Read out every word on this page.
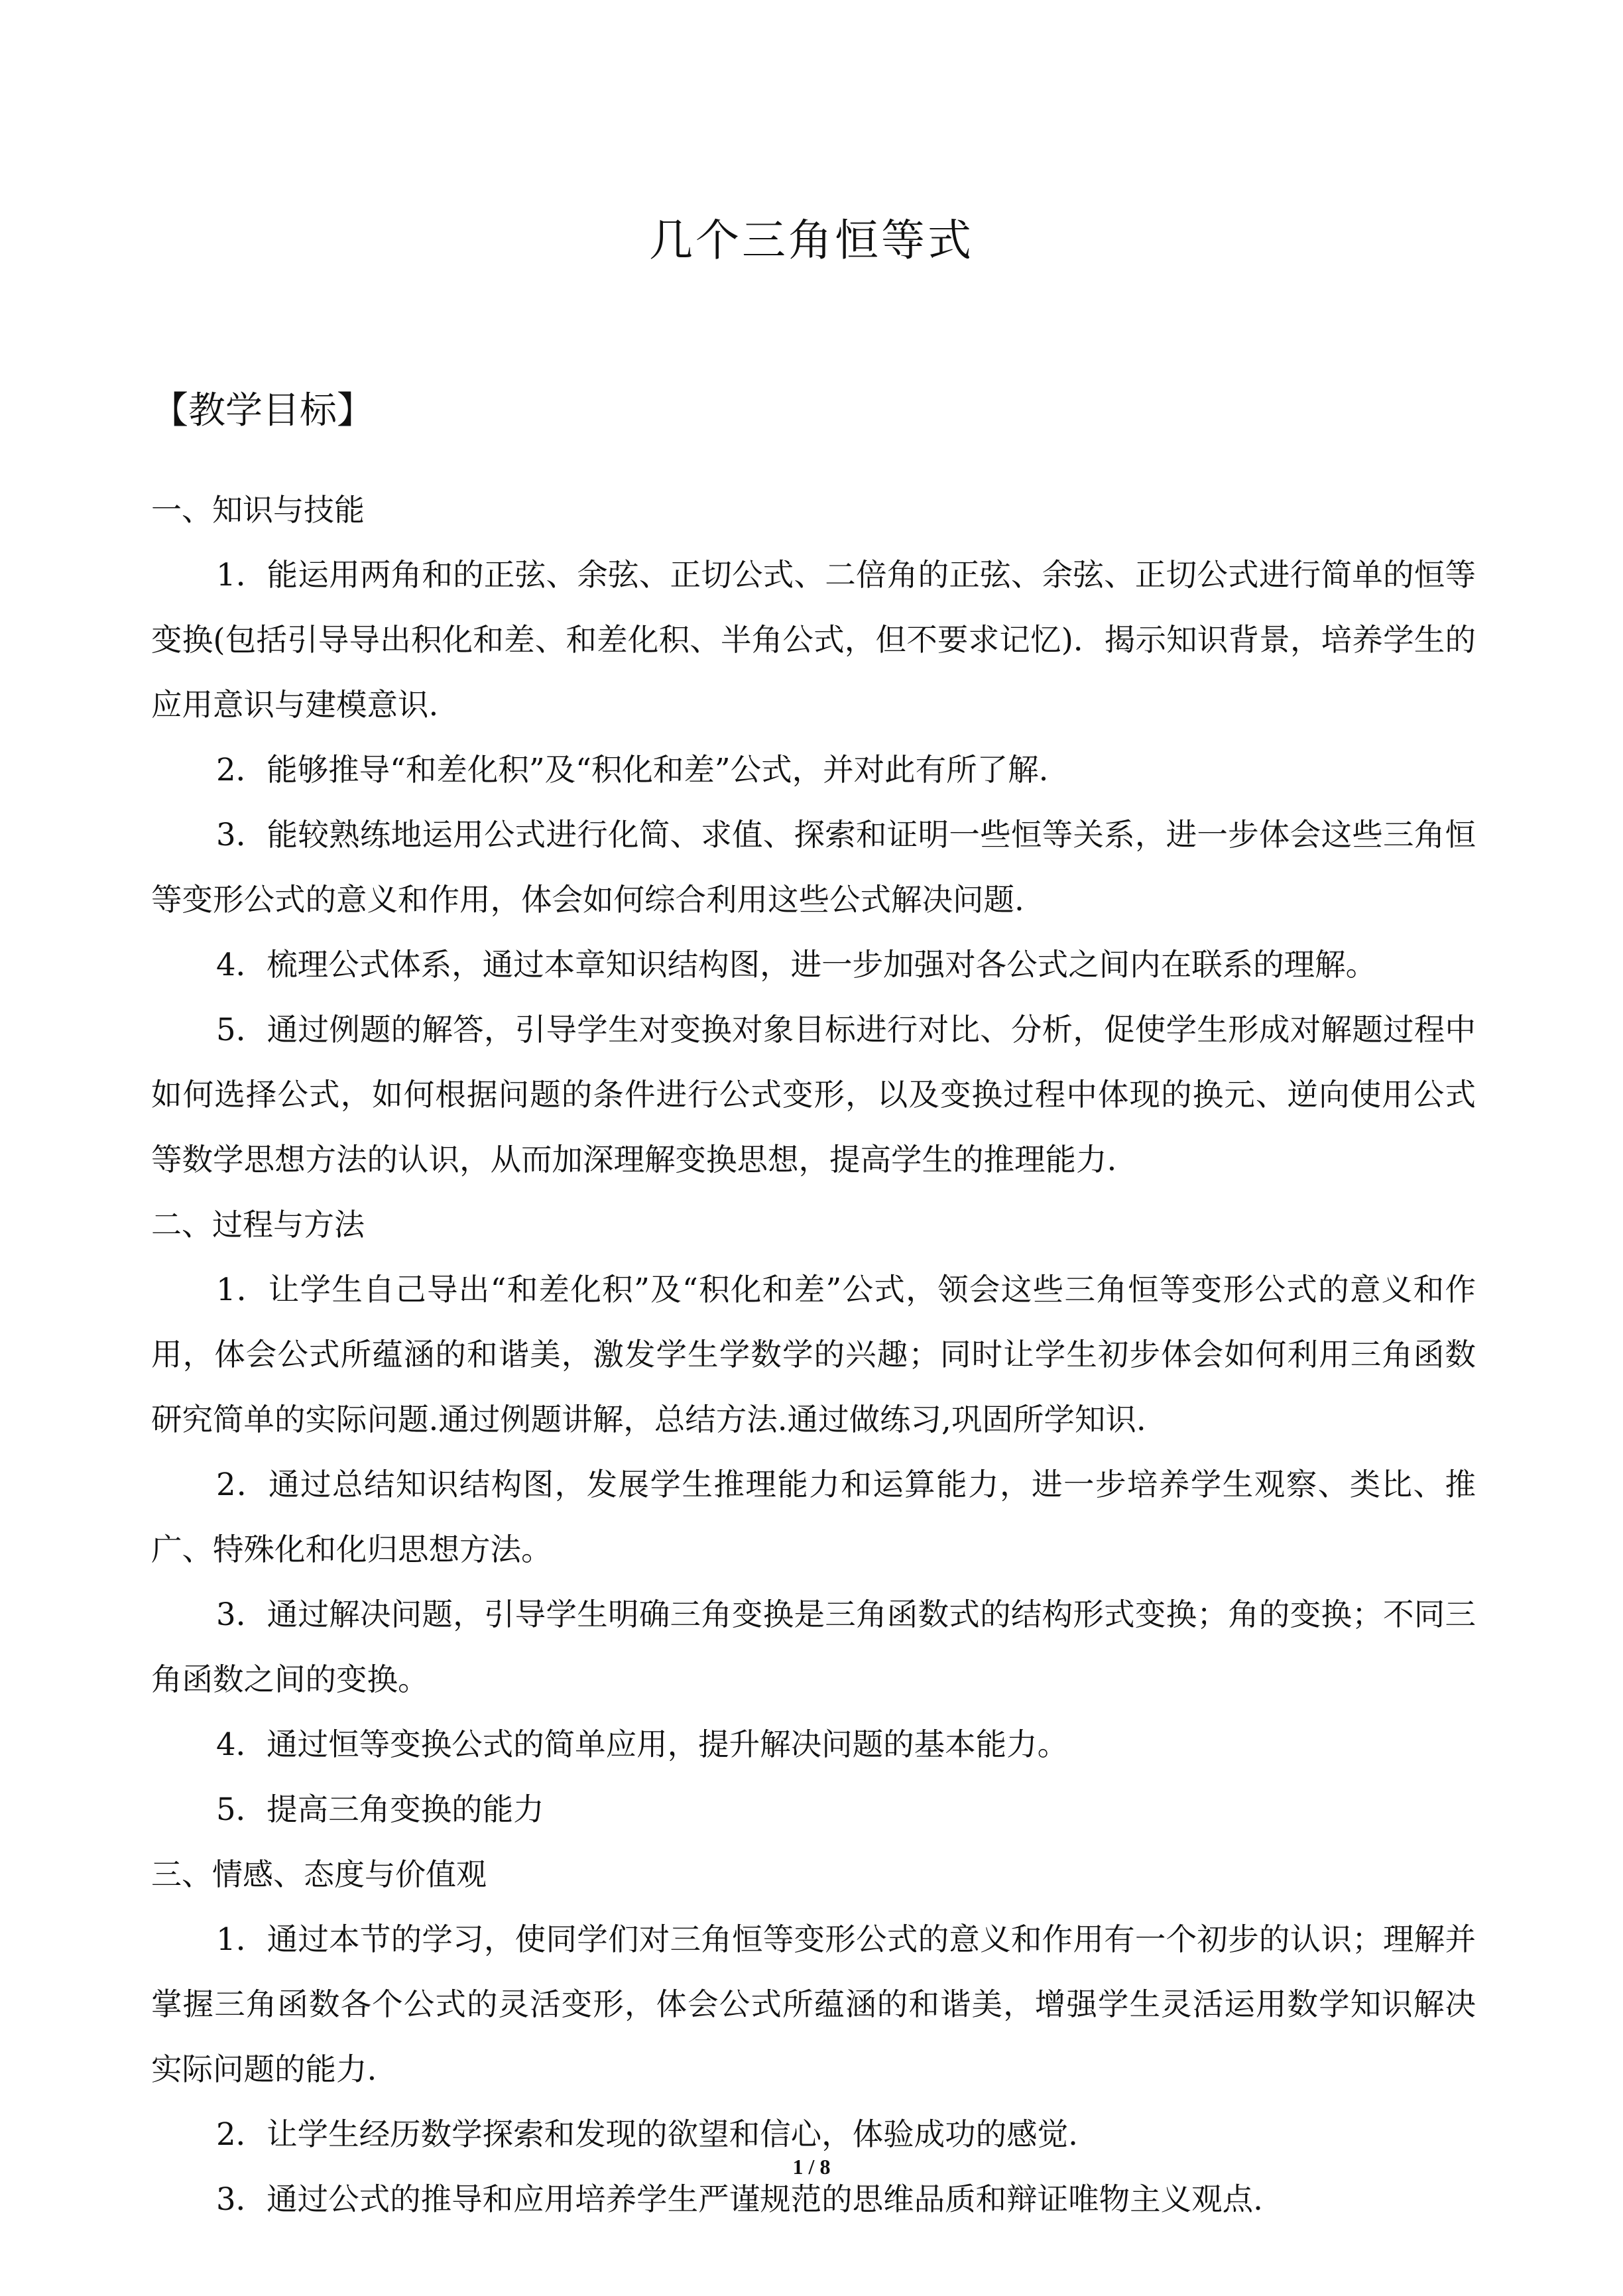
几个三角恒等式
【教学目标】

一、知识与技能

1．能运用两角和的正弦、余弦、正切公式、二倍角的正弦、余弦、正切公式进行简单的恒等变换(包括引导导出积化和差、和差化积、半角公式，但不要求记忆)．揭示知识背景，培养学生的应用意识与建模意识.

2．能够推导“和差化积”及“积化和差”公式，并对此有所了解.

3．能较熟练地运用公式进行化简、求值、探索和证明一些恒等关系，进一步体会这些三角恒等变形公式的意义和作用，体会如何综合利用这些公式解决问题.

4．梳理公式体系，通过本章知识结构图，进一步加强对各公式之间内在联系的理解。

5．通过例题的解答，引导学生对变换对象目标进行对比、分析，促使学生形成对解题过程中如何选择公式，如何根据问题的条件进行公式变形，以及变换过程中体现的换元、逆向使用公式等数学思想方法的认识，从而加深理解变换思想，提高学生的推理能力.

二、过程与方法

1．让学生自己导出“和差化积”及“积化和差”公式，领会这些三角恒等变形公式的意义和作用，体会公式所蕴涵的和谐美，激发学生学数学的兴趣；同时让学生初步体会如何利用三角函数研究简单的实际问题.通过例题讲解，总结方法.通过做练习,巩固所学知识.

2．通过总结知识结构图，发展学生推理能力和运算能力，进一步培养学生观察、类比、推广、特殊化和化归思想方法。

3．通过解决问题，引导学生明确三角变换是三角函数式的结构形式变换；角的变换；不同三角函数之间的变换。

4．通过恒等变换公式的简单应用，提升解决问题的基本能力。

5．提高三角变换的能力

三、情感、态度与价值观

1．通过本节的学习，使同学们对三角恒等变形公式的意义和作用有一个初步的认识；理解并掌握三角函数各个公式的灵活变形，体会公式所蕴涵的和谐美，增强学生灵活运用数学知识解决实际问题的能力.

2．让学生经历数学探索和发现的欲望和信心，体验成功的感觉.

3．通过公式的推导和应用培养学生严谨规范的思维品质和辩证唯物主义观点.

1 / 8
